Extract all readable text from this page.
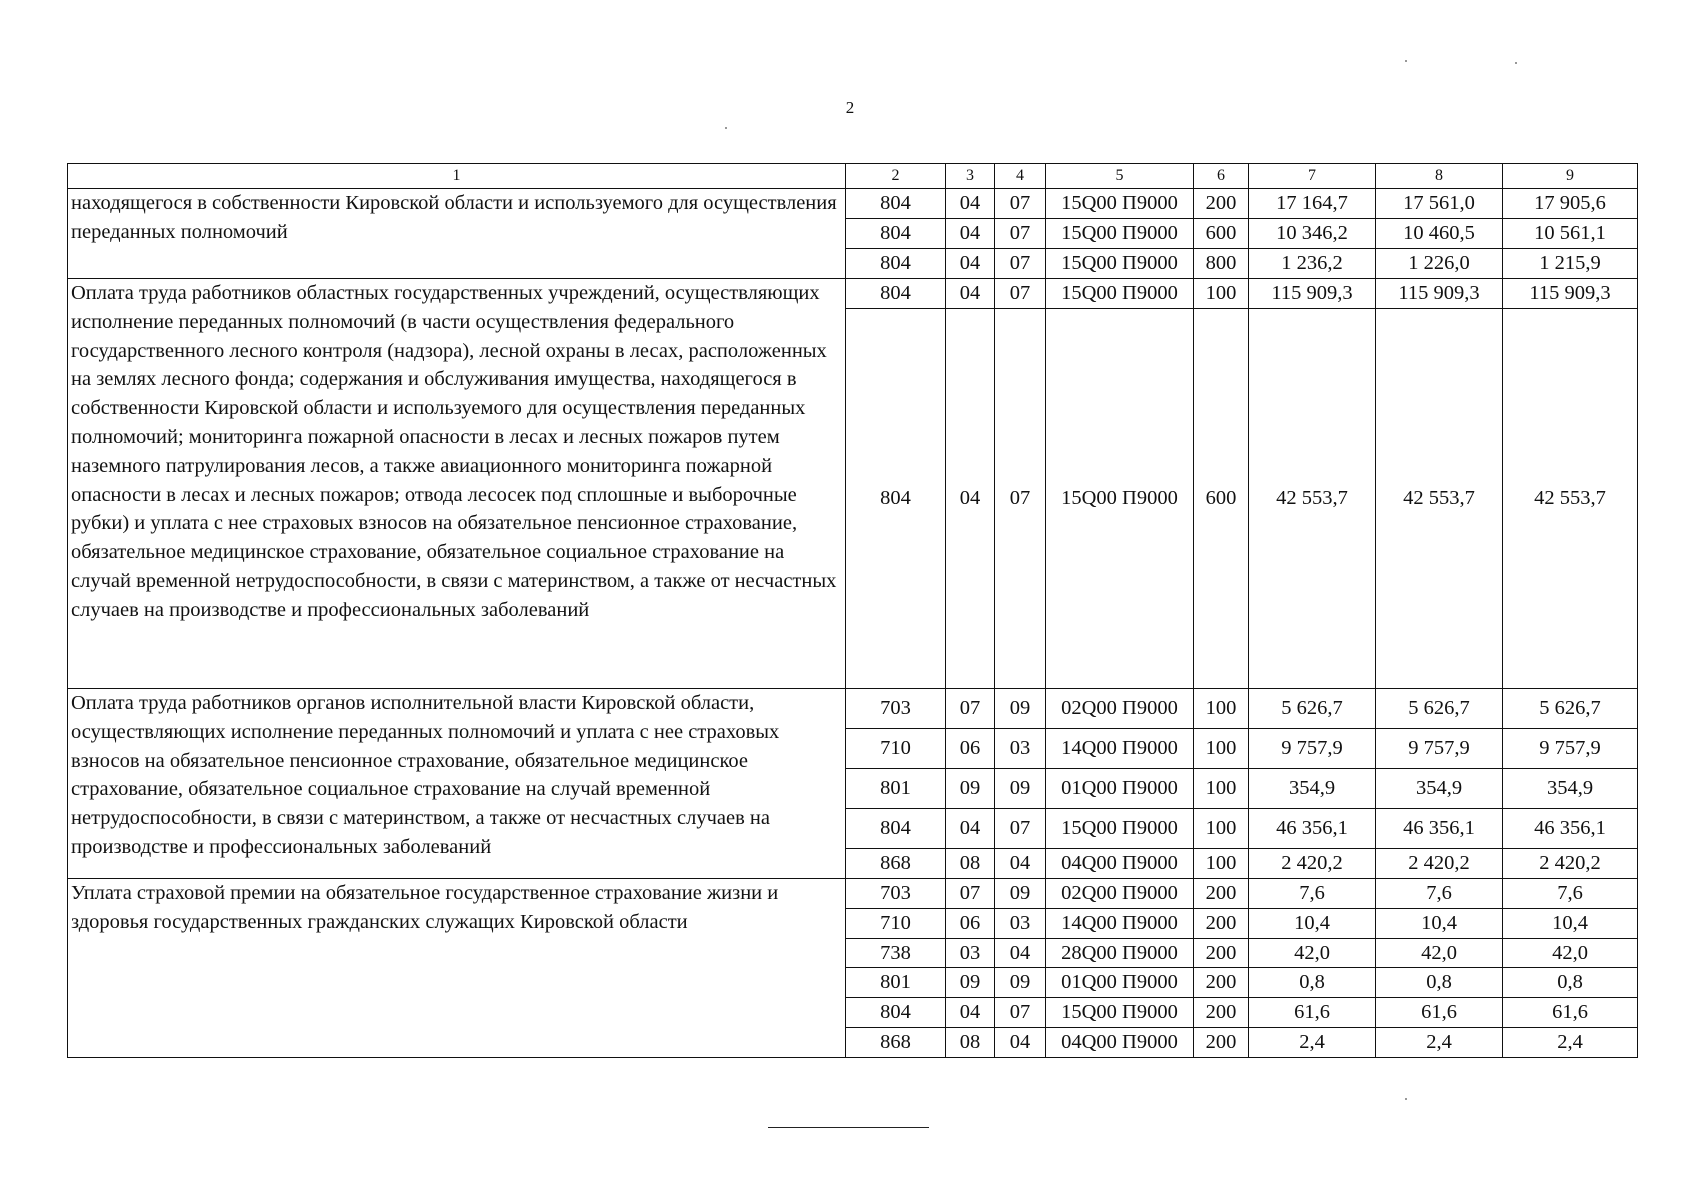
2
1	2	3	4	5	6	7	8	9
находящегося в собственности Кировской области и используемого для осуществления переданных полномочий	804	04	07	15Q00 П9000	200	17 164,7	17 561,0	17 905,6
	804	04	07	15Q00 П9000	600	10 346,2	10 460,5	10 561,1
	804	04	07	15Q00 П9000	800	1 236,2	1 226,0	1 215,9
Оплата труда работников областных государственных учреждений, осуществляющих исполнение переданных полномочий (в части осуществления федерального государственного лесного контроля (надзора), лесной охраны в лесах, расположенных на землях лесного фонда; содержания и обслуживания имущества, находящегося в собственности Кировской области и используемого для осуществления переданных полномочий; мониторинга пожарной опасности в лесах и лесных пожаров путем наземного патрулирования лесов, а также авиационного мониторинга пожарной опасности в лесах и лесных пожаров; отвода лесосек под сплошные и выборочные рубки) и уплата с нее страховых взносов на обязательное пенсионное страхование, обязательное медицинское страхование, обязательное социальное страхование на случай временной нетрудоспособности, в связи с материнством, а также от несчастных случаев на производстве и профессиональных заболеваний	804	04	07	15Q00 П9000	100	115 909,3	115 909,3	115 909,3
	804	04	07	15Q00 П9000	600	42 553,7	42 553,7	42 553,7
Оплата труда работников органов исполнительной власти Кировской области, осуществляющих исполнение переданных полномочий и уплата с нее страховых взносов на обязательное пенсионное страхование, обязательное медицинское страхование, обязательное социальное страхование на случай временной нетрудоспособности, в связи с материнством, а также от несчастных случаев на производстве и профессиональных заболеваний	703	07	09	02Q00 П9000	100	5 626,7	5 626,7	5 626,7
	710	06	03	14Q00 П9000	100	9 757,9	9 757,9	9 757,9
	801	09	09	01Q00 П9000	100	354,9	354,9	354,9
	804	04	07	15Q00 П9000	100	46 356,1	46 356,1	46 356,1
	868	08	04	04Q00 П9000	100	2 420,2	2 420,2	2 420,2
Уплата страховой премии на обязательное государственное страхование жизни и здоровья государственных гражданских служащих Кировской области	703	07	09	02Q00 П9000	200	7,6	7,6	7,6
	710	06	03	14Q00 П9000	200	10,4	10,4	10,4
	738	03	04	28Q00 П9000	200	42,0	42,0	42,0
	801	09	09	01Q00 П9000	200	0,8	0,8	0,8
	804	04	07	15Q00 П9000	200	61,6	61,6	61,6
	868	08	04	04Q00 П9000	200	2,4	2,4	2,4
